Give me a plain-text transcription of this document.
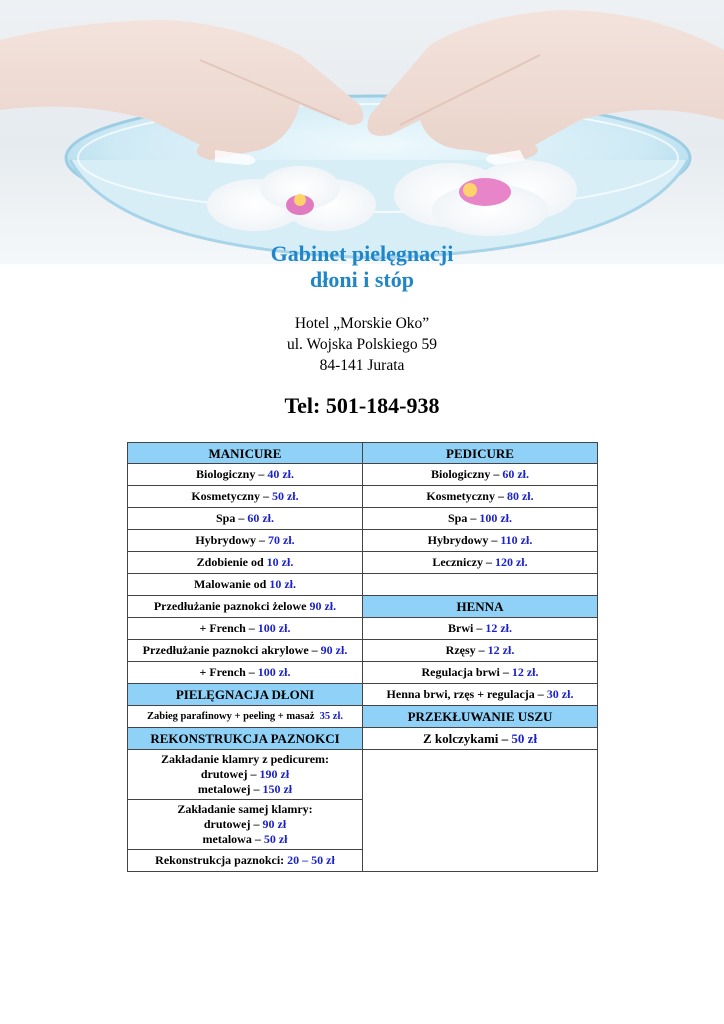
Gabinet pielęgnacji
dłoni i stóp
Hotel „Morskie Oko”
ul. Wojska Polskiego 59
84-141 Jurata
Tel: 501-184-938
MANICURE	PEDICURE
Biologiczny – 40 zł.	Biologiczny – 60 zł.
Kosmetyczny – 50 zł.	Kosmetyczny – 80 zł.
Spa – 60 zł.	Spa – 100 zł.
Hybrydowy – 70 zł.	Hybrydowy – 110 zł.
Zdobienie od 10 zł.	Leczniczy – 120 zł.
Malowanie od 10 zł.	
Przedłużanie paznokci żelowe 90 zł.	HENNA
+ French – 100 zł.	Brwi – 12 zł.
Przedłużanie paznokci akrylowe – 90 zł.	Rzęsy – 12 zł.
+ French – 100 zł.	Regulacja brwi – 12 zł.
PIELĘGNACJA DŁONI	Henna brwi, rzęs + regulacja – 30 zł.
Zabieg parafinowy + peeling + masaż 35 zł.	PRZEKŁUWANIE USZU
REKONSTRUKCJA PAZNOKCI	Z kolczykami – 50 zł

Zakładanie klamry z pedicurem:
drutowej – 190 zł
metalowej – 150 zł	

Zakładanie samej klamry:
drutowej – 90 zł
metalowa – 50 zł	

Rekonstrukcja paznokci: 20 – 50 zł	
